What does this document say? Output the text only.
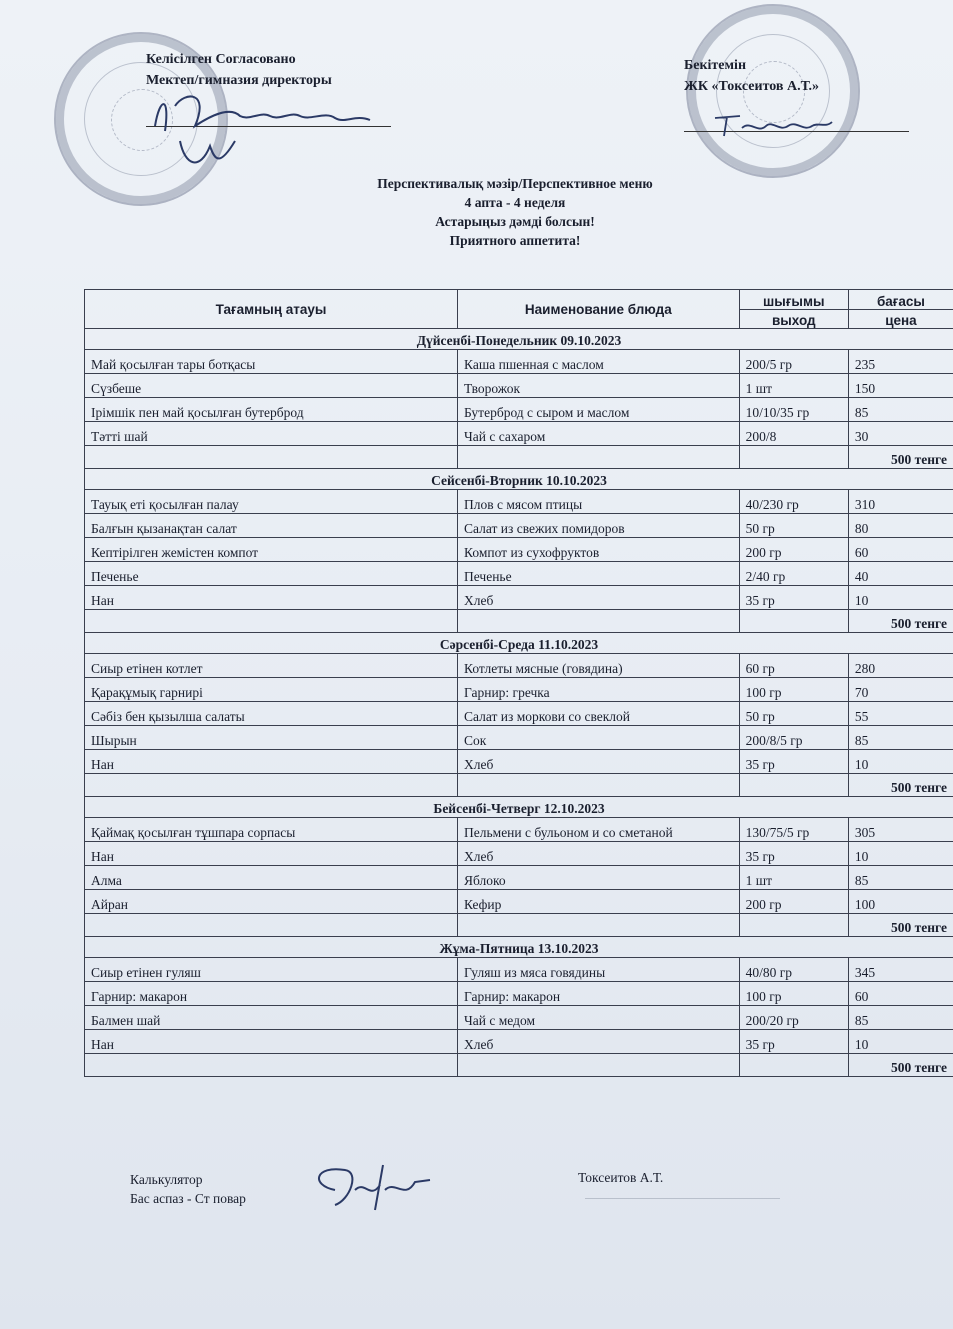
Келісілген Согласовано
Мектеп/гимназия директоры
Бекітемін
ЖК «Токсеитов А.Т.»
Перспективалық мәзір/Перспективное меню
4 апта - 4 неделя
Астарыңыз дәмді болсын!
Приятного аппетита!
Тағамның атауы	Наименование блюда	шығымы	бағасы
		выход	цена
Дүйсенбі-Понедельник 09.10.2023			
Май қосылған тары ботқасы	Каша пшенная с маслом	200/5 гр	235
Сүзбеше	Творожок	1 шт	150
Ірімшік пен май қосылған бутерброд	Бутерброд с сыром и маслом	10/10/35 гр	85
Тәтті шай	Чай с сахаром	200/8	30
			500 тенге
Сейсенбі-Вторник 10.10.2023			
Тауық еті қосылған палау	Плов с мясом птицы	40/230 гр	310
Балғын қызанақтан салат	Салат из свежих помидоров	50 гр	80
Кептірілген жемістен компот	Компот из сухофруктов	200 гр	60
Печенье	Печенье	2/40 гр	40
Нан	Хлеб	35 гр	10
			500 тенге
Сәрсенбі-Среда 11.10.2023			
Сиыр етінен котлет	Котлеты мясные (говядина)	60 гр	280
Қарақұмық гарнирі	Гарнир: гречка	100 гр	70
Сәбіз бен қызылша салаты	Салат из моркови со свеклой	50 гр	55
Шырын	Сок	200/8/5 гр	85
Нан	Хлеб	35 гр	10
			500 тенге
Бейсенбі-Четверг 12.10.2023			
Қаймақ қосылған тұшпара сорпасы	Пельмени с бульоном и со сметаной	130/75/5 гр	305
Нан	Хлеб	35 гр	10
Алма	Яблоко	1 шт	85
Айран	Кефир	200 гр	100
			500 тенге
Жұма-Пятница 13.10.2023			
Сиыр етінен гуляш	Гуляш из мяса говядины	40/80 гр	345
Гарнир: макарон	Гарнир: макарон	100 гр	60
Балмен шай	Чай с медом	200/20 гр	85
Нан	Хлеб	35 гр	10
			500 тенге
Калькулятор
Бас аспаз - Ст повар
Токсеитов А.Т.
